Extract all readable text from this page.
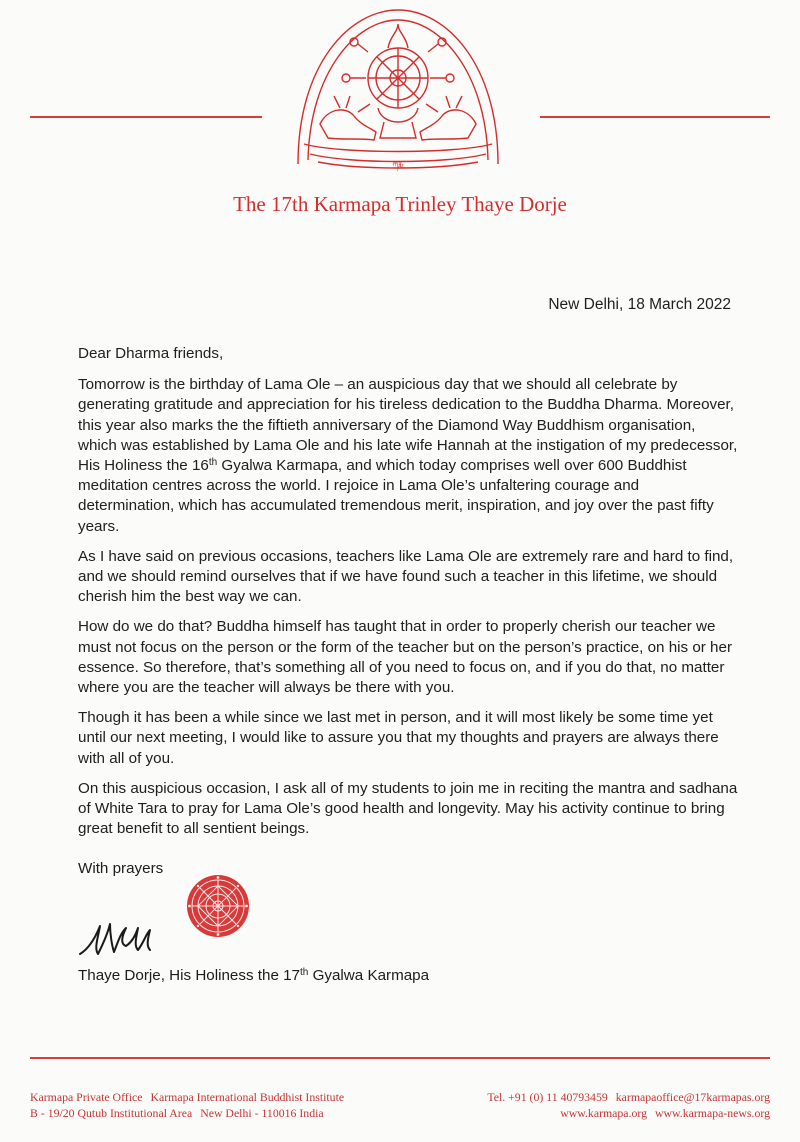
ཀརྨ
The 17th Karmapa Trinley Thaye Dorje
New Delhi, 18 March 2022

Dear Dharma friends,

Tomorrow is the birthday of Lama Ole – an auspicious day that we should all celebrate by generating gratitude and appreciation for his tireless dedication to the Buddha Dharma. Moreover, this year also marks the the fiftieth anniversary of the Diamond Way Buddhism organisation, which was established by Lama Ole and his late wife Hannah at the instigation of my predecessor, His Holiness the 16th Gyalwa Karmapa, and which today comprises well over 600 Buddhist meditation centres across the world. I rejoice in Lama Ole’s unfaltering courage and determination, which has accumulated tremendous merit, inspiration, and joy over the past fifty years.

As I have said on previous occasions, teachers like Lama Ole are extremely rare and hard to find, and we should remind ourselves that if we have found such a teacher in this lifetime, we should cherish him the best way we can.

How do we do that? Buddha himself has taught that in order to properly cherish our teacher we must not focus on the person or the form of the teacher but on the person’s practice, on his or her essence. So therefore, that’s something all of you need to focus on, and if you do that, no matter where you are the teacher will always be there with you.

Though it has been a while since we last met in person, and it will most likely be some time yet until our next meeting, I would like to assure you that my thoughts and prayers are always there with all of you.

On this auspicious occasion, I ask all of my students to join me in reciting the mantra and sadhana of White Tara to pray for Lama Ole’s good health and longevity. May his activity continue to bring great benefit to all sentient beings.

With prayers
Thaye Dorje, His Holiness the 17th Gyalwa Karmapa
Karmapa Private Office Karmapa International Buddhist Institute
B - 19/20 Qutub Institutional Area New Delhi - 110016 India
Tel. +91 (0) 11 40793459 karmapaoffice@17karmapas.org
www.karmapa.org www.karmapa-news.org
